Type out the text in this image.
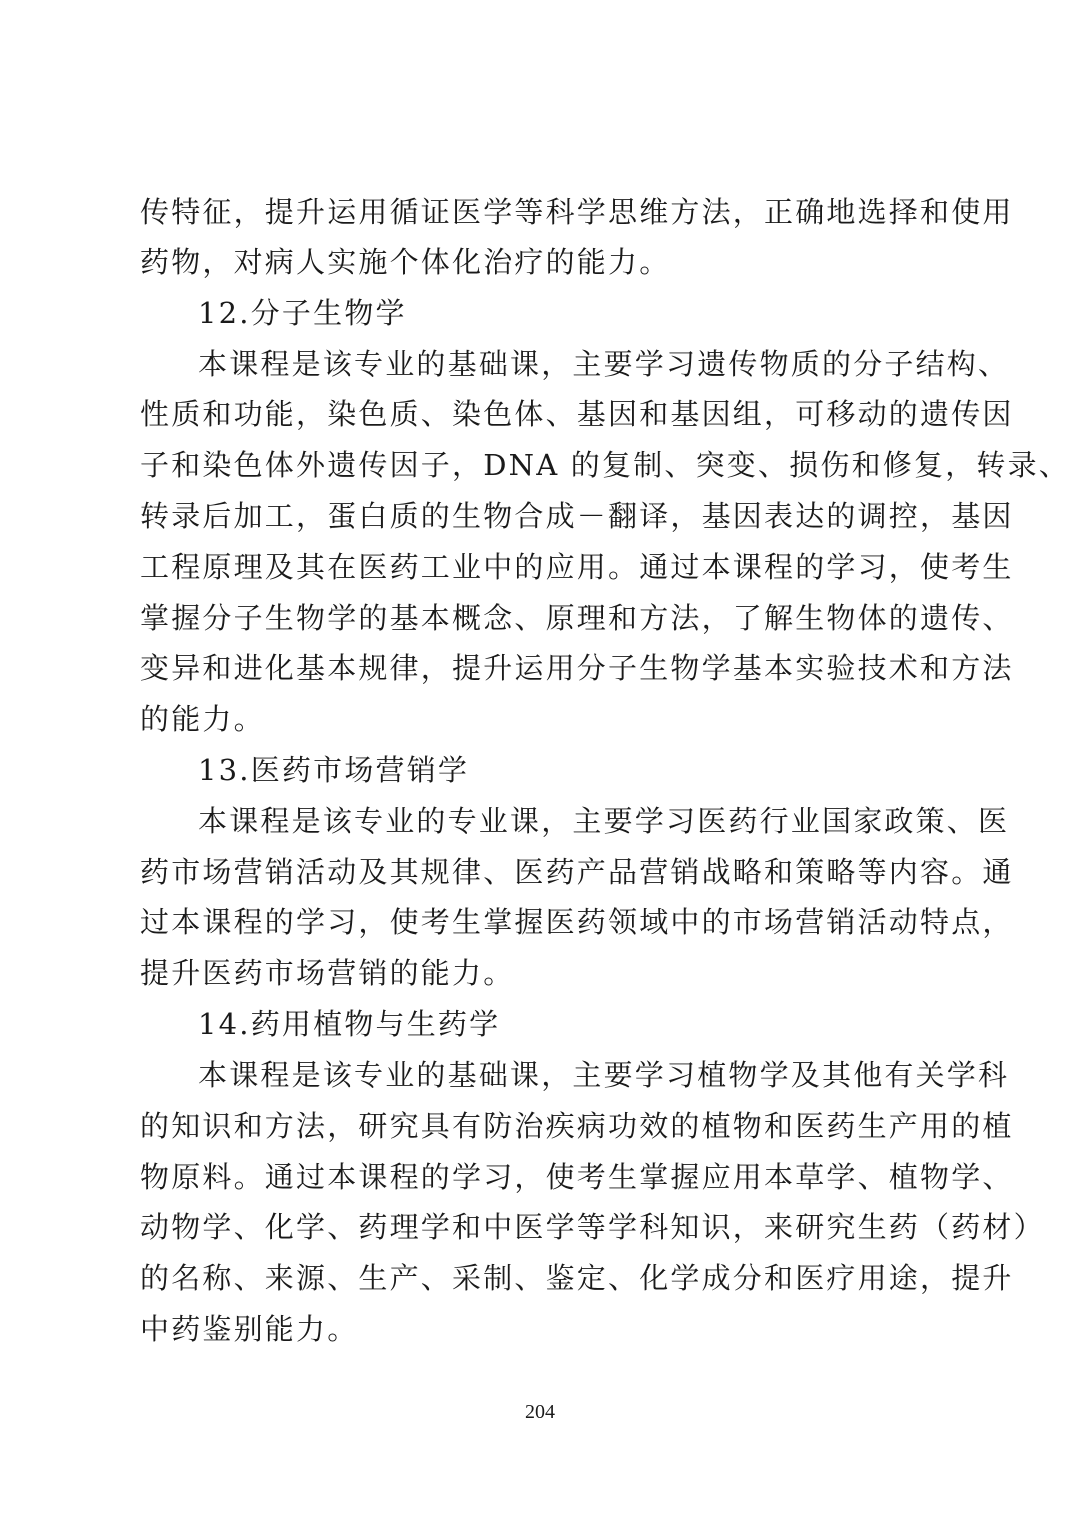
传特征，提升运用循证医学等科学思维方法，正确地选择和使用
药物，对病人实施个体化治疗的能力。
12.分子生物学
本课程是该专业的基础课，主要学习遗传物质的分子结构、
性质和功能，染色质、染色体、基因和基因组，可移动的遗传因
子和染色体外遗传因子，DNA 的复制、突变、损伤和修复，转录、
转录后加工，蛋白质的生物合成－翻译，基因表达的调控，基因
工程原理及其在医药工业中的应用。通过本课程的学习，使考生
掌握分子生物学的基本概念、原理和方法，了解生物体的遗传、
变异和进化基本规律，提升运用分子生物学基本实验技术和方法
的能力。
13.医药市场营销学
本课程是该专业的专业课，主要学习医药行业国家政策、医
药市场营销活动及其规律、医药产品营销战略和策略等内容。通
过本课程的学习，使考生掌握医药领域中的市场营销活动特点，
提升医药市场营销的能力。
14.药用植物与生药学
本课程是该专业的基础课，主要学习植物学及其他有关学科
的知识和方法，研究具有防治疾病功效的植物和医药生产用的植
物原料。通过本课程的学习，使考生掌握应用本草学、植物学、
动物学、化学、药理学和中医学等学科知识，来研究生药（药材）
的名称、来源、生产、采制、鉴定、化学成分和医疗用途，提升
中药鉴别能力。
204
